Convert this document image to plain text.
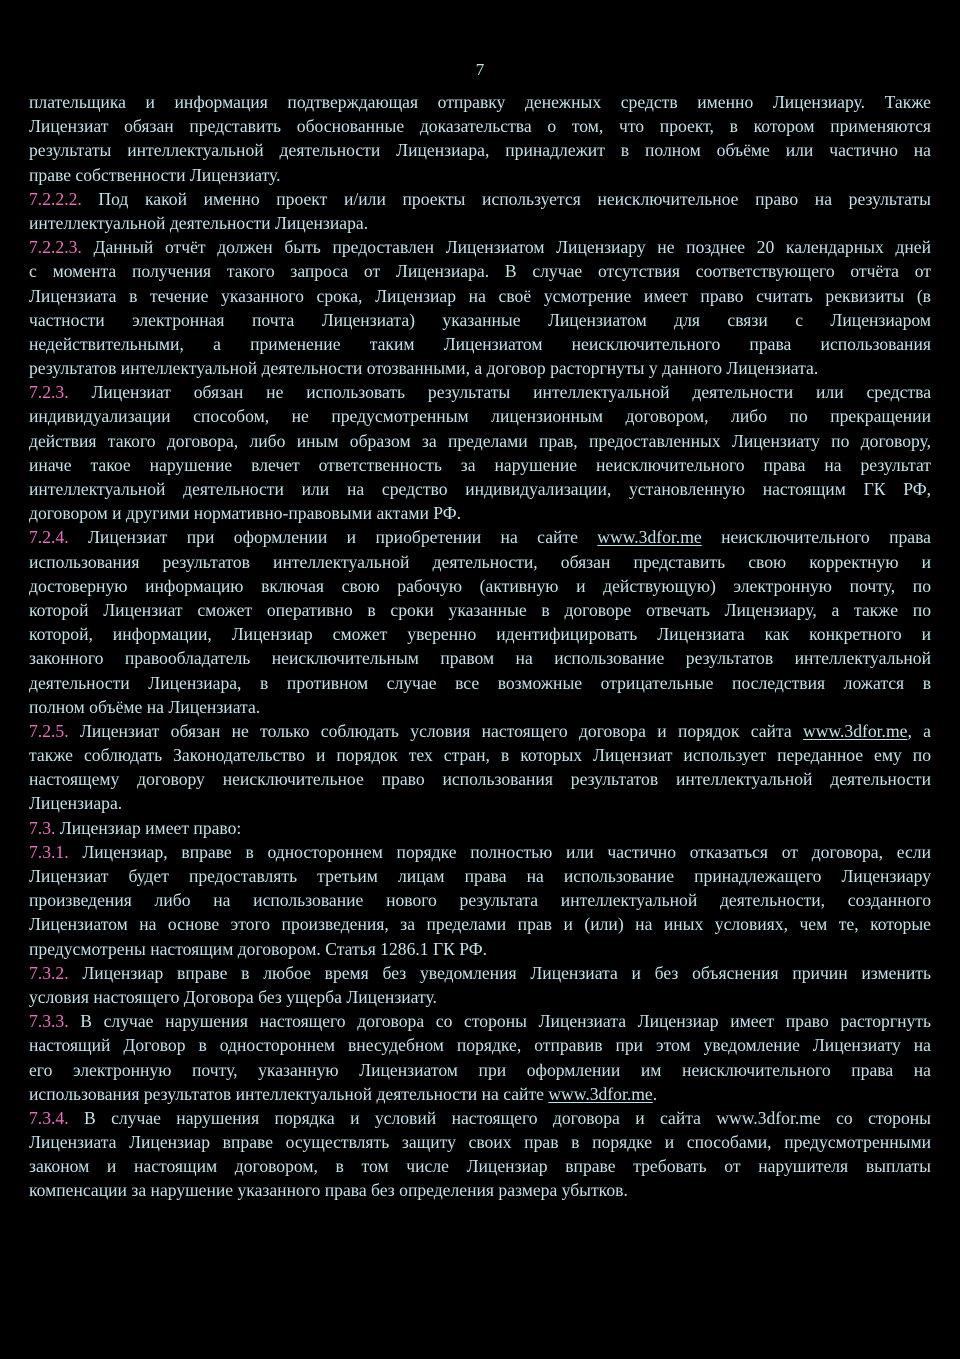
7
плательщика и информация подтверждающая отправку денежных средств именно Лицензиару. Также
Лицензиат обязан представить обоснованные доказательства о том, что проект, в котором применяются
результаты интеллектуальной деятельности Лицензиара, принадлежит в полном объёме или частично на
праве собственности Лицензиату.
7.2.2.2. Под какой именно проект и/или проекты используется неисключительное право на результаты
интеллектуальной деятельности Лицензиара.
7.2.2.3. Данный отчёт должен быть предоставлен Лицензиатом Лицензиару не позднее 20 календарных дней
с момента получения такого запроса от Лицензиара. В случае отсутствия соответствующего отчёта от
Лицензиата в течение указанного срока, Лицензиар на своё усмотрение имеет право считать реквизиты (в
частности электронная почта Лицензиата) указанные Лицензиатом для связи с Лицензиаром
недействительными, а применение таким Лицензиатом неисключительного права использования
результатов интеллектуальной деятельности отозванными, а договор расторгнуты у данного Лицензиата.
7.2.3. Лицензиат обязан не использовать результаты интеллектуальной деятельности или средства
индивидуализации способом, не предусмотренным лицензионным договором, либо по прекращении
действия такого договора, либо иным образом за пределами прав, предоставленных Лицензиату по договору,
иначе такое нарушение влечет ответственность за нарушение неисключительного права на результат
интеллектуальной деятельности или на средство индивидуализации, установленную настоящим ГК РФ,
договором и другими нормативно-правовыми актами РФ.
7.2.4. Лицензиат при оформлении и приобретении на сайте www.3dfor.me неисключительного права
использования результатов интеллектуальной деятельности, обязан представить свою корректную и
достоверную информацию включая свою рабочую (активную и действующую) электронную почту, по
которой Лицензиат сможет оперативно в сроки указанные в договоре отвечать Лицензиару, а также по
которой, информации, Лицензиар сможет уверенно идентифицировать Лицензиата как конкретного и
законного правообладатель неисключительным правом на использование результатов интеллектуальной
деятельности Лицензиара, в противном случае все возможные отрицательные последствия ложатся в
полном объёме на Лицензиата.
7.2.5. Лицензиат обязан не только соблюдать условия настоящего договора и порядок сайта www.3dfor.me, а
также соблюдать Законодательство и порядок тех стран, в которых Лицензиат использует переданное ему по
настоящему договору неисключительное право использования результатов интеллектуальной деятельности
Лицензиара.
7.3. Лицензиар имеет право:
7.3.1. Лицензиар, вправе в одностороннем порядке полностью или частично отказаться от договора, если
Лицензиат будет предоставлять третьим лицам права на использование принадлежащего Лицензиару
произведения либо на использование нового результата интеллектуальной деятельности, созданного
Лицензиатом на основе этого произведения, за пределами прав и (или) на иных условиях, чем те, которые
предусмотрены настоящим договором. Статья 1286.1 ГК РФ.
7.3.2. Лицензиар вправе в любое время без уведомления Лицензиата и без объяснения причин изменить
условия настоящего Договора без ущерба Лицензиату.
7.3.3. В случае нарушения настоящего договора со стороны Лицензиата Лицензиар имеет право расторгнуть
настоящий Договор в одностороннем внесудебном порядке, отправив при этом уведомление Лицензиату на
его электронную почту, указанную Лицензиатом при оформлении им неисключительного права на
использования результатов интеллектуальной деятельности на сайте www.3dfor.me.
7.3.4. В случае нарушения порядка и условий настоящего договора и сайта www.3dfor.me со стороны
Лицензиата Лицензиар вправе осуществлять защиту своих прав в порядке и способами, предусмотренными
законом и настоящим договором, в том числе Лицензиар вправе требовать от нарушителя выплаты
компенсации за нарушение указанного права без определения размера убытков.
